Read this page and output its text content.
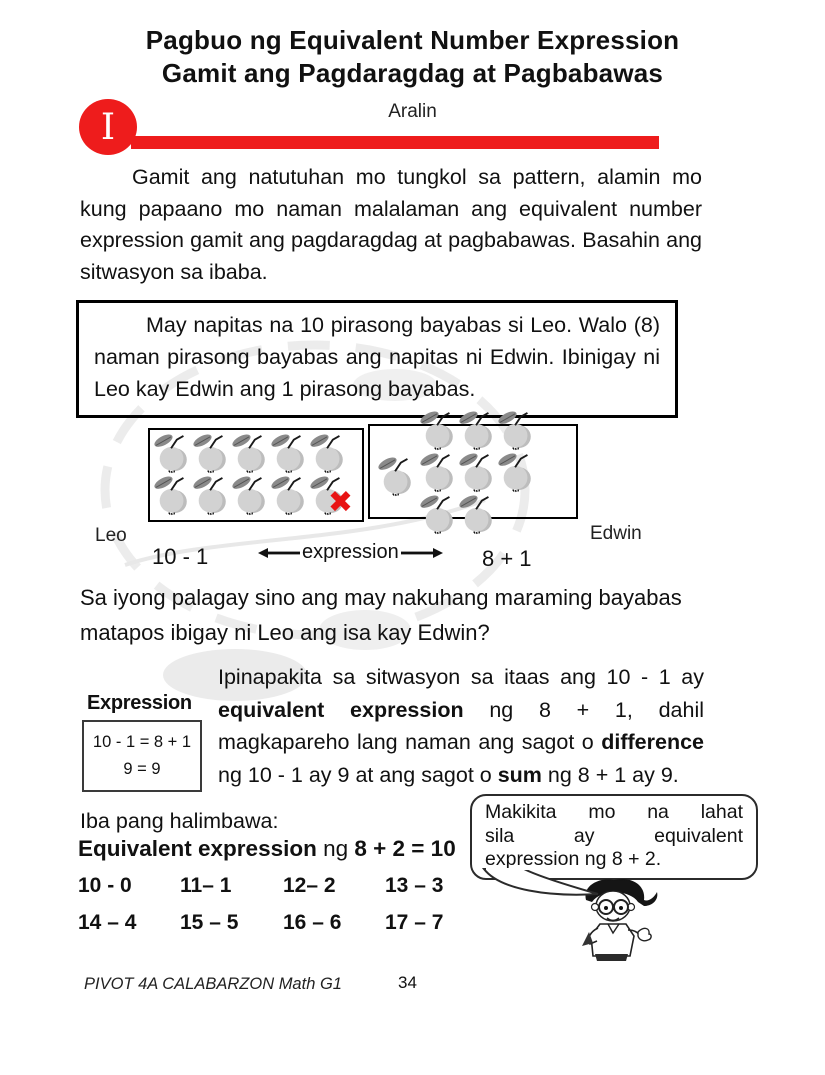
Pagbuo ng Equivalent Number Expression
Gamit ang Pagdaragdag at Pagbabawas
Aralin
I
Gamit ang natutuhan mo tungkol sa pattern, alamin mo kung papaano mo naman malalaman ang equivalent number expression gamit ang pagdaragdag at pagbabawas. Basahin ang sitwasyon sa ibaba.
May napitas na 10 pirasong bayabas si Leo. Walo (8) naman pirasong bayabas ang napitas ni Edwin. Ibinigay ni Leo kay Edwin ang 1 pirasong bayabas.
✖
Leo	Edwin
10 - 1	expression	8 + 1
Sa iyong palagay sino ang may nakuhang maraming bayabas matapos ibigay ni Leo ang isa kay Edwin?
Expression
10 - 1 = 8 + 1
9 = 9
Ipinapakita sa sitwasyon sa itaas ang 10 - 1 ay equivalent expression ng 8 + 1, dahil magkapareho lang naman ang sagot o difference ng 10 - 1 ay 9 at ang sagot o sum ng 8 + 1 ay 9.
Iba pang halimbawa:
Equivalent expression ng 8 + 2 = 10
10 - 0	11– 1	12– 2	13 – 3
14 – 4	15 – 5	16 – 6	17 – 7
Makikita mo na lahat
sila ay equivalent
expression ng 8 + 2.
PIVOT 4A CALABARZON Math G1	34
